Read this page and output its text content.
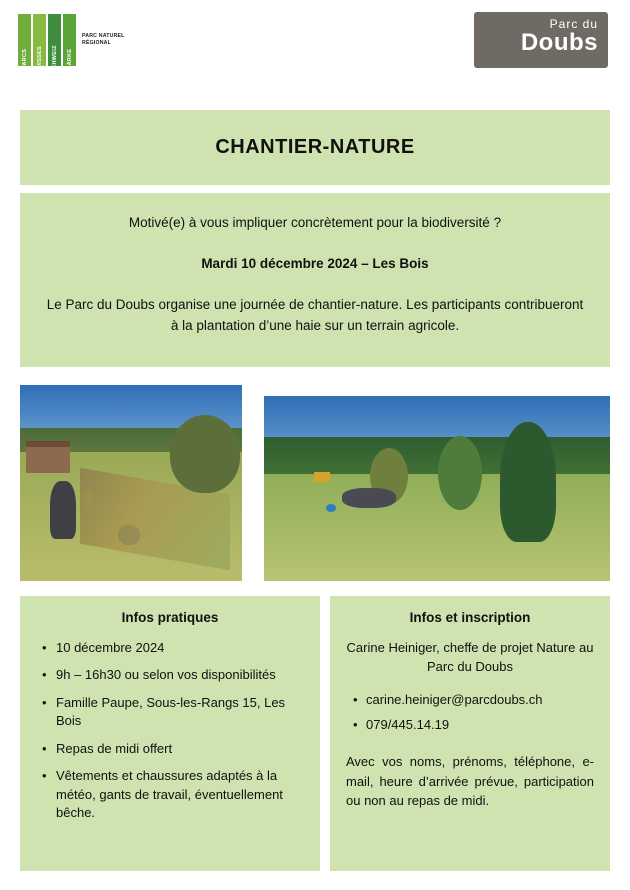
PARCS SUISSES SCHWEIZ PÄRKE
PARC NATUREL
RÉGIONAL
Parc du
Doubs
CHANTIER-NATURE

Motivé(e) à vous impliquer concrètement pour la biodiversité ?

Mardi 10 décembre 2024 – Les Bois

Le Parc du Doubs organise une journée de chantier-nature. Les participants contribueront à la plantation d’une haie sur un terrain agricole.

Infos pratiques
• 10 décembre 2024
• 9h – 16h30 ou selon vos disponibilités
• Famille Paupe, Sous-les-Rangs 15, Les Bois
• Repas de midi offert
• Vêtements et chaussures adaptés à la météo, gants de travail, éventuellement bêche.
Infos et inscription

Carine Heiniger, cheffe de projet Nature au Parc du Doubs

• carine.heiniger@parcdoubs.ch
• 079/445.14.19

Avec vos noms, prénoms, téléphone, e-mail, heure d’arrivée prévue, participation ou non au repas de midi.
